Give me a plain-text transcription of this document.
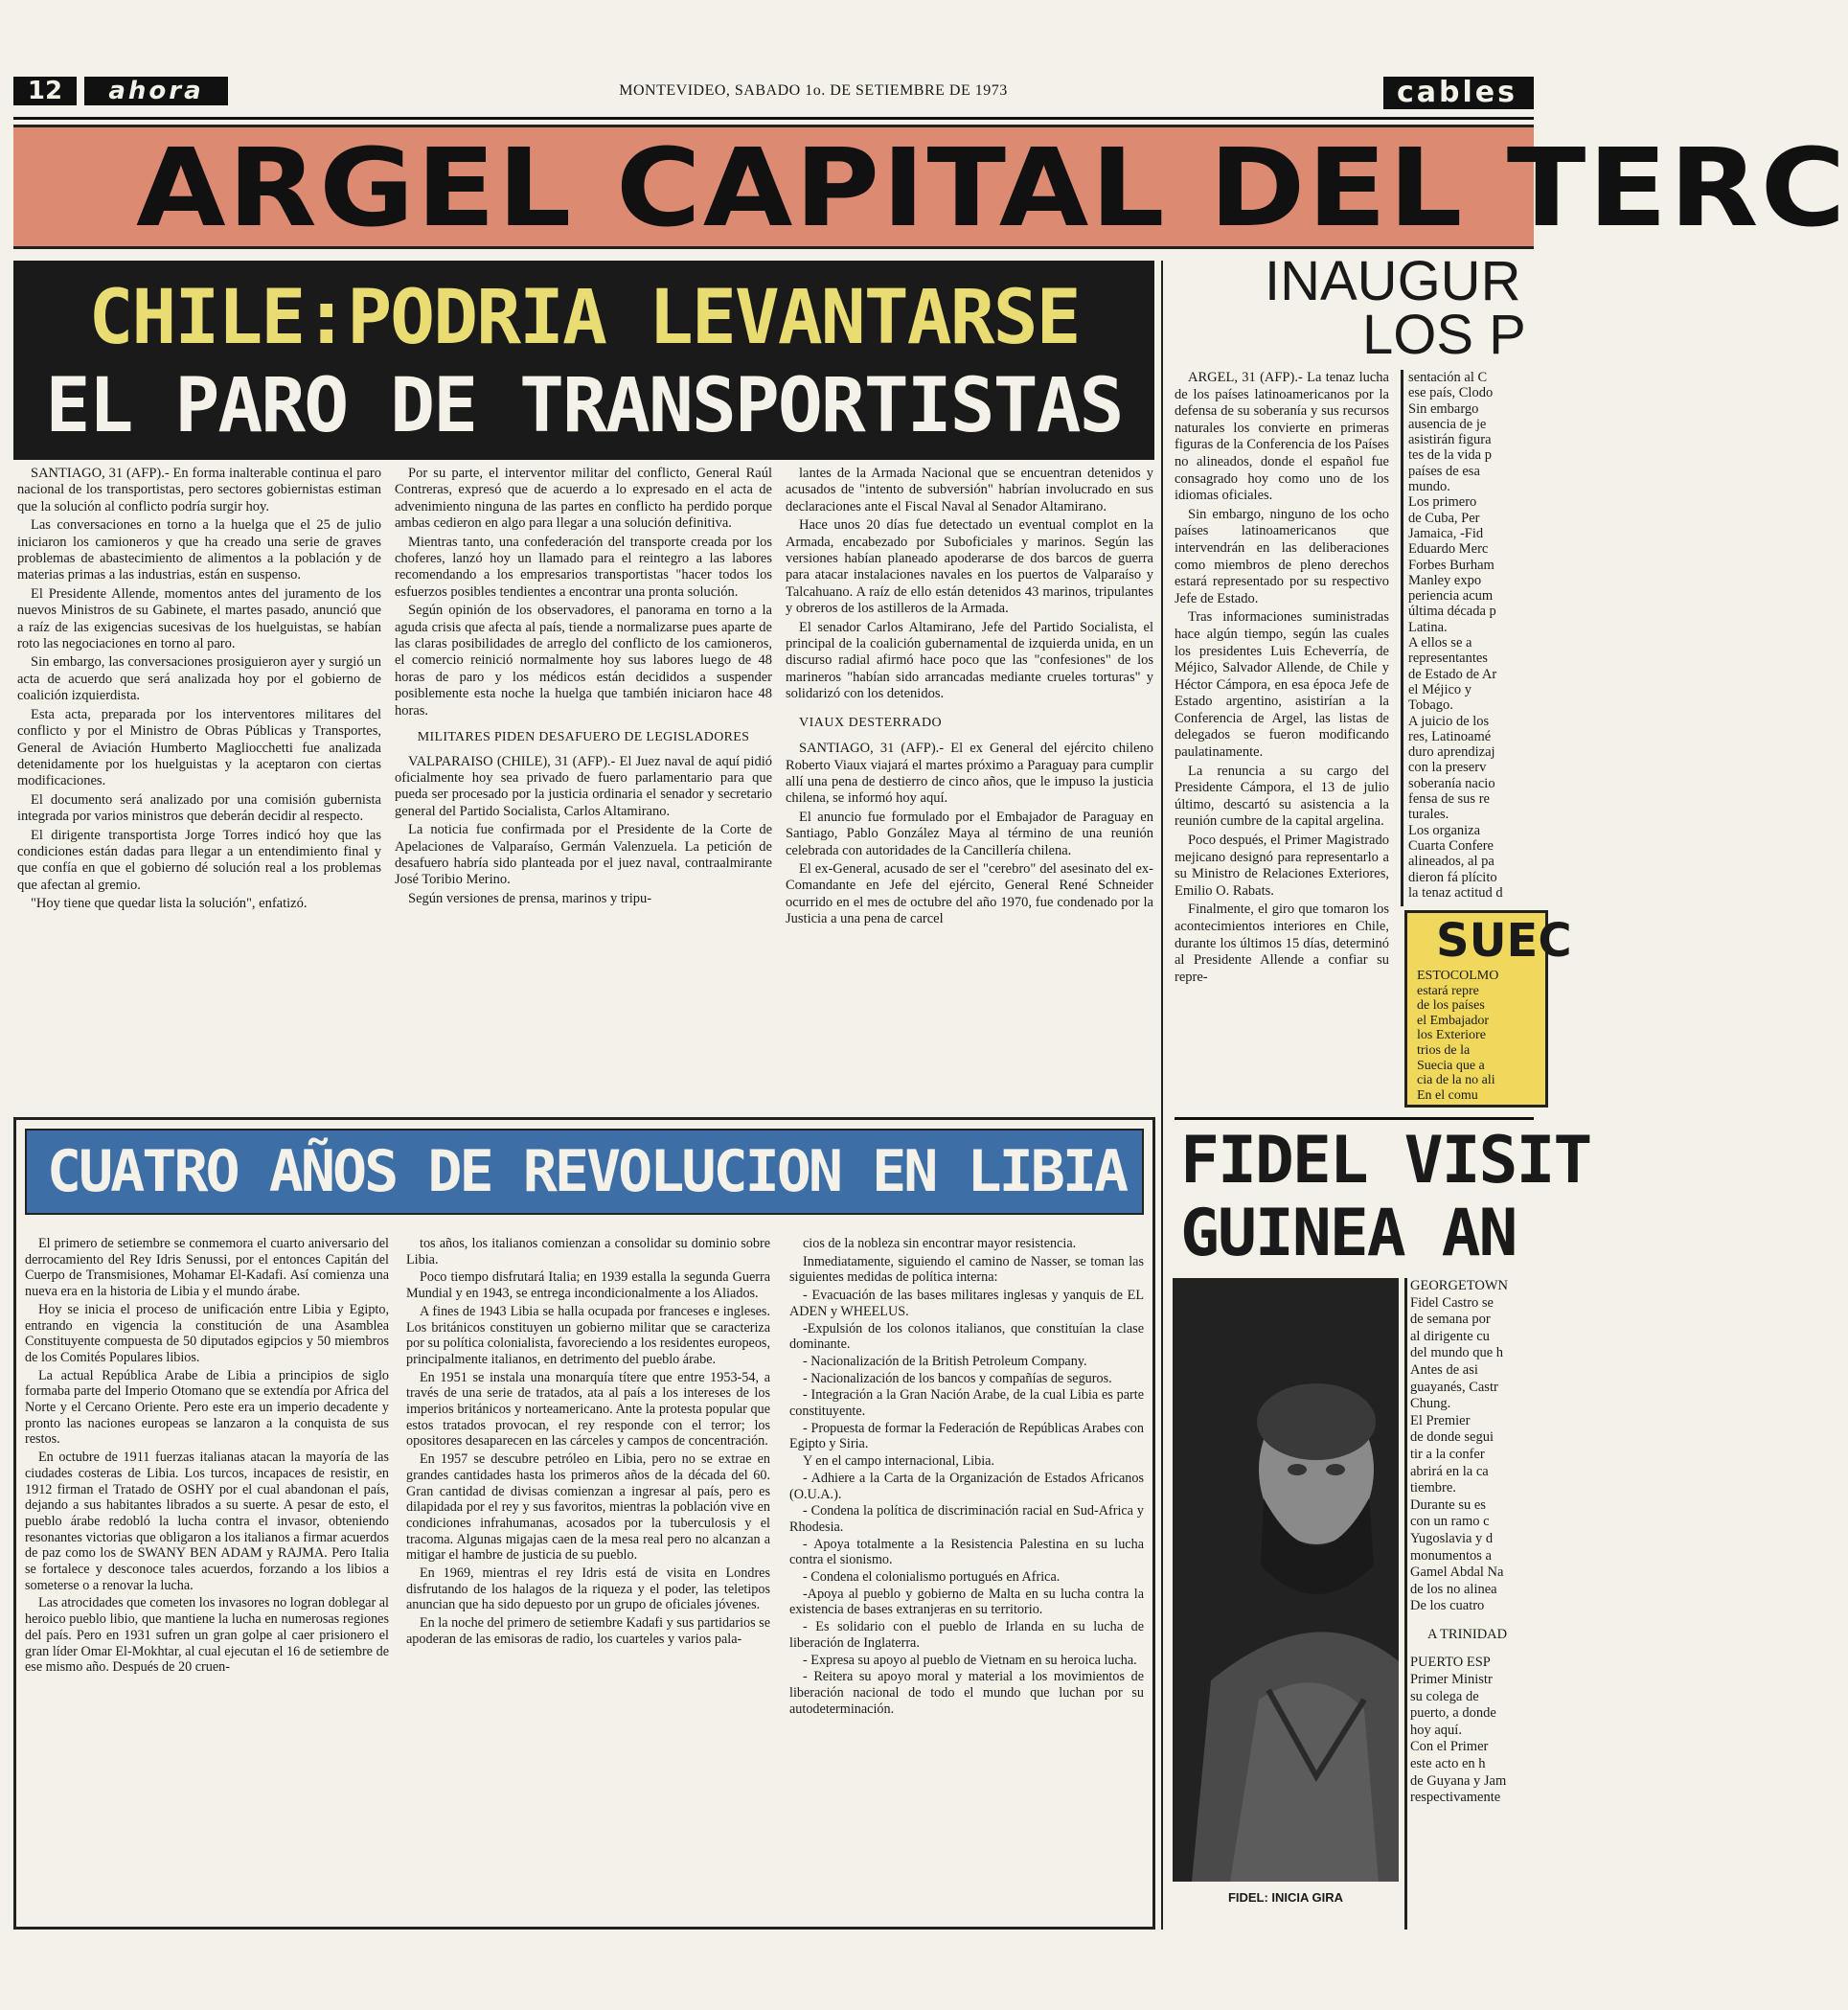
12	ahora	MONTEVIDEO, SABADO 1o. DE SETIEMBRE DE 1973	cables
ARGEL CAPITAL DEL TERC
CHILE:PODRIA LEVANTARSE
EL PARO DE TRANSPORTISTAS

SANTIAGO, 31 (AFP).- En forma inalterable continua el paro nacional de los transportistas, pero sectores gobiernistas estiman que la solución al conflicto podría surgir hoy.

Las conversaciones en torno a la huelga que el 25 de julio iniciaron los camioneros y que ha creado una serie de graves problemas de abastecimiento de alimentos a la población y de materias primas a las industrias, están en suspenso.

El Presidente Allende, momentos antes del juramento de los nuevos Ministros de su Gabinete, el martes pasado, anunció que a raíz de las exigencias sucesivas de los huelguistas, se habían roto las negociaciones en torno al paro.

Sin embargo, las conversaciones prosiguieron ayer y surgió un acta de acuerdo que será analizada hoy por el gobierno de coalición izquierdista.

Esta acta, preparada por los interventores militares del conflicto y por el Ministro de Obras Públicas y Transportes, General de Aviación Humberto Magliocchetti fue analizada detenidamente por los huelguistas y la aceptaron con ciertas modificaciones.

El documento será analizado por una comisión gubernista integrada por varios ministros que deberán decidir al respecto.

El dirigente transportista Jorge Torres indicó hoy que las condiciones están dadas para llegar a un entendimiento final y que confía en que el gobierno dé solución real a los problemas que afectan al gremio.

"Hoy tiene que quedar lista la solución", enfatizó.

Por su parte, el interventor militar del conflicto, General Raúl Contreras, expresó que de acuerdo a lo expresado en el acta de advenimiento ninguna de las partes en conflicto ha perdido porque ambas cedieron en algo para llegar a una solución definitiva.

Mientras tanto, una confederación del transporte creada por los choferes, lanzó hoy un llamado para el reintegro a las labores recomendando a los empresarios transportistas "hacer todos los esfuerzos posibles tendientes a encontrar una pronta solución.

Según opinión de los observadores, el panorama en torno a la aguda crisis que afecta al país, tiende a normalizarse pues aparte de las claras posibilidades de arreglo del conflicto de los camioneros, el comercio reinició normalmente hoy sus labores luego de 48 horas de paro y los médicos están decididos a suspender posiblemente esta noche la huelga que también iniciaron hace 48 horas.

MILITARES PIDEN DESAFUERO DE LEGISLADORES

VALPARAISO (CHILE), 31 (AFP).- El Juez naval de aquí pidió oficialmente hoy sea privado de fuero parlamentario para que pueda ser procesado por la justicia ordinaria el senador y secretario general del Partido Socialista, Carlos Altamirano.

La noticia fue confirmada por el Presidente de la Corte de Apelaciones de Valparaíso, Germán Valenzuela. La petición de desafuero habría sido planteada por el juez naval, contraalmirante José Toribio Merino.

Según versiones de prensa, marinos y tripu-

lantes de la Armada Nacional que se encuentran detenidos y acusados de "intento de subversión" habrían involucrado en sus declaraciones ante el Fiscal Naval al Senador Altamirano.

Hace unos 20 días fue detectado un eventual complot en la Armada, encabezado por Suboficiales y marinos. Según las versiones habían planeado apoderarse de dos barcos de guerra para atacar instalaciones navales en los puertos de Valparaíso y Talcahuano. A raíz de ello están detenidos 43 marinos, tripulantes y obreros de los astilleros de la Armada.

El senador Carlos Altamirano, Jefe del Partido Socialista, el principal de la coalición gubernamental de izquierda unida, en un discurso radial afirmó hace poco que las "confesiones" de los marineros "habían sido arrancadas mediante crueles torturas" y solidarizó con los detenidos.

VIAUX DESTERRADO

SANTIAGO, 31 (AFP).- El ex General del ejército chileno Roberto Viaux viajará el martes próximo a Paraguay para cumplir allí una pena de destierro de cinco años, que le impuso la justicia chilena, se informó hoy aquí.

El anuncio fue formulado por el Embajador de Paraguay en Santiago, Pablo González Maya al término de una reunión celebrada con autoridades de la Cancillería chilena.

El ex-General, acusado de ser el "cerebro" del asesinato del ex-Comandante en Jefe del ejército, General René Schneider ocurrido en el mes de octubre del año 1970, fue condenado por la Justicia a una pena de carcel

INAUGUR
LOS P

ARGEL, 31 (AFP).- La tenaz lucha de los países latinoamericanos por la defensa de su soberanía y sus recursos naturales los convierte en primeras figuras de la Conferencia de los Países no alineados, donde el español fue consagrado hoy como uno de los idiomas oficiales.

Sin embargo, ninguno de los ocho países latinoamericanos que intervendrán en las deliberaciones como miembros de pleno derechos estará representado por su respectivo Jefe de Estado.

Tras informaciones suministradas hace algún tiempo, según las cuales los presidentes Luis Echeverría, de Méjico, Salvador Allende, de Chile y Héctor Cámpora, en esa época Jefe de Estado argentino, asistirían a la Conferencia de Argel, las listas de delegados se fueron modificando paulatinamente.

La renuncia a su cargo del Presidente Cámpora, el 13 de julio último, descartó su asistencia a la reunión cumbre de la capital argelina.

Poco después, el Primer Magistrado mejicano designó para representarlo a su Ministro de Relaciones Exteriores, Emilio O. Rabats.

Finalmente, el giro que tomaron los acontecimientos interiores en Chile, durante los últimos 15 días, determinó al Presidente Allende a confiar su repre-

sentación al C
ese país, Clodo
Sin embargo
ausencia de je
asistirán figura
tes de la vida p
países de esa
mundo.
Los primero
de Cuba, Per
Jamaica, -Fid
Eduardo Merc
Forbes Burham
Manley expo
periencia acum
última década p
Latina.
A ellos se a
representantes
de Estado de Ar
el Méjico y
Tobago.
A juicio de los
res, Latinoamé
duro aprendizaj
con la preserv
soberanía nacio
fensa de sus re
turales.
Los organiza
Cuarta Confere
alineados, al pa
dieron fá plícito
la tenaz actitud d
SUEC
ESTOCOLMO
estará repre
de los países
el Embajador
los Exteriore
trios de la
Suecia que a
cia de la no ali
En el comu
CUATRO AÑOS DE REVOLUCION EN LIBIA

El primero de setiembre se conmemora el cuarto aniversario del derrocamiento del Rey Idris Senussi, por el entonces Capitán del Cuerpo de Transmisiones, Mohamar El-Kadafi. Así comienza una nueva era en la historia de Libia y el mundo árabe.

Hoy se inicia el proceso de unificación entre Libia y Egipto, entrando en vigencia la constitución de una Asamblea Constituyente compuesta de 50 diputados egipcios y 50 miembros de los Comités Populares libios.

La actual República Arabe de Libia a principios de siglo formaba parte del Imperio Otomano que se extendía por Africa del Norte y el Cercano Oriente. Pero este era un imperio decadente y pronto las naciones europeas se lanzaron a la conquista de sus restos.

En octubre de 1911 fuerzas italianas atacan la mayoría de las ciudades costeras de Libia. Los turcos, incapaces de resistir, en 1912 firman el Tratado de OSHY por el cual abandonan el país, dejando a sus habitantes librados a su suerte. A pesar de esto, el pueblo árabe redobló la lucha contra el invasor, obteniendo resonantes victorias que obligaron a los italianos a firmar acuerdos de paz como los de SWANY BEN ADAM y RAJMA. Pero Italia se fortalece y desconoce tales acuerdos, forzando a los libios a someterse o a renovar la lucha.

Las atrocidades que cometen los invasores no logran doblegar al heroico pueblo libio, que mantiene la lucha en numerosas regiones del país. Pero en 1931 sufren un gran golpe al caer prisionero el gran líder Omar El-Mokhtar, al cual ejecutan el 16 de setiembre de ese mismo año. Después de 20 cruen-

tos años, los italianos comienzan a consolidar su dominio sobre Libia.

Poco tiempo disfrutará Italia; en 1939 estalla la segunda Guerra Mundial y en 1943, se entrega incondicionalmente a los Aliados.

A fines de 1943 Libia se halla ocupada por franceses e ingleses. Los británicos constituyen un gobierno militar que se caracteriza por su política colonialista, favoreciendo a los residentes europeos, principalmente italianos, en detrimento del pueblo árabe.

En 1951 se instala una monarquía títere que entre 1953-54, a través de una serie de tratados, ata al país a los intereses de los imperios británicos y norteamericano. Ante la protesta popular que estos tratados provocan, el rey responde con el terror; los opositores desaparecen en las cárceles y campos de concentración.

En 1957 se descubre petróleo en Libia, pero no se extrae en grandes cantidades hasta los primeros años de la década del 60. Gran cantidad de divisas comienzan a ingresar al país, pero es dilapidada por el rey y sus favoritos, mientras la población vive en condiciones infrahumanas, acosados por la tuberculosis y el tracoma. Algunas migajas caen de la mesa real pero no alcanzan a mitigar el hambre de justicia de su pueblo.

En 1969, mientras el rey Idris está de visita en Londres disfrutando de los halagos de la riqueza y el poder, las teletipos anuncian que ha sido depuesto por un grupo de oficiales jóvenes.

En la noche del primero de setiembre Kadafi y sus partidarios se apoderan de las emisoras de radio, los cuarteles y varios pala-

cios de la nobleza sin encontrar mayor resistencia.

Inmediatamente, siguiendo el camino de Nasser, se toman las siguientes medidas de política interna:

- Evacuación de las bases militares inglesas y yanquis de EL ADEN y WHEELUS.

-Expulsión de los colonos italianos, que constituían la clase dominante.

- Nacionalización de la British Petroleum Company.

- Nacionalización de los bancos y compañías de seguros.

- Integración a la Gran Nación Arabe, de la cual Libia es parte constituyente.

- Propuesta de formar la Federación de Repúblicas Arabes con Egipto y Siria.

Y en el campo internacional, Libia.

- Adhiere a la Carta de la Organización de Estados Africanos (O.U.A.).

- Condena la política de discriminación racial en Sud-Africa y Rhodesia.

- Apoya totalmente a la Resistencia Palestina en su lucha contra el sionismo.

- Condena el colonialismo portugués en Africa.

-Apoya al pueblo y gobierno de Malta en su lucha contra la existencia de bases extranjeras en su territorio.

- Es solidario con el pueblo de Irlanda en su lucha de liberación de Inglaterra.

- Expresa su apoyo al pueblo de Vietnam en su heroica lucha.

- Reitera su apoyo moral y material a los movimientos de liberación nacional de todo el mundo que luchan por su autodeterminación.

FIDEL VISIT
GUINEA AN
FIDEL: INICIA GIRA
GEORGETOWN
Fidel Castro se
de semana por
al dirigente cu
del mundo que h
Antes de asi
guayanés, Castr
Chung.
El Premier
de donde segui
tir a la confer
abrirá en la ca
tiembre.
Durante su es
con un ramo c
Yugoslavia y d
monumentos a
Gamel Abdal Na
de los no alinea
De los cuatro
A TRINIDAD
PUERTO ESP
Primer Ministr
su colega de
puerto, a donde
hoy aquí.
Con el Primer
este acto en h
de Guyana y Jam
respectivamente
